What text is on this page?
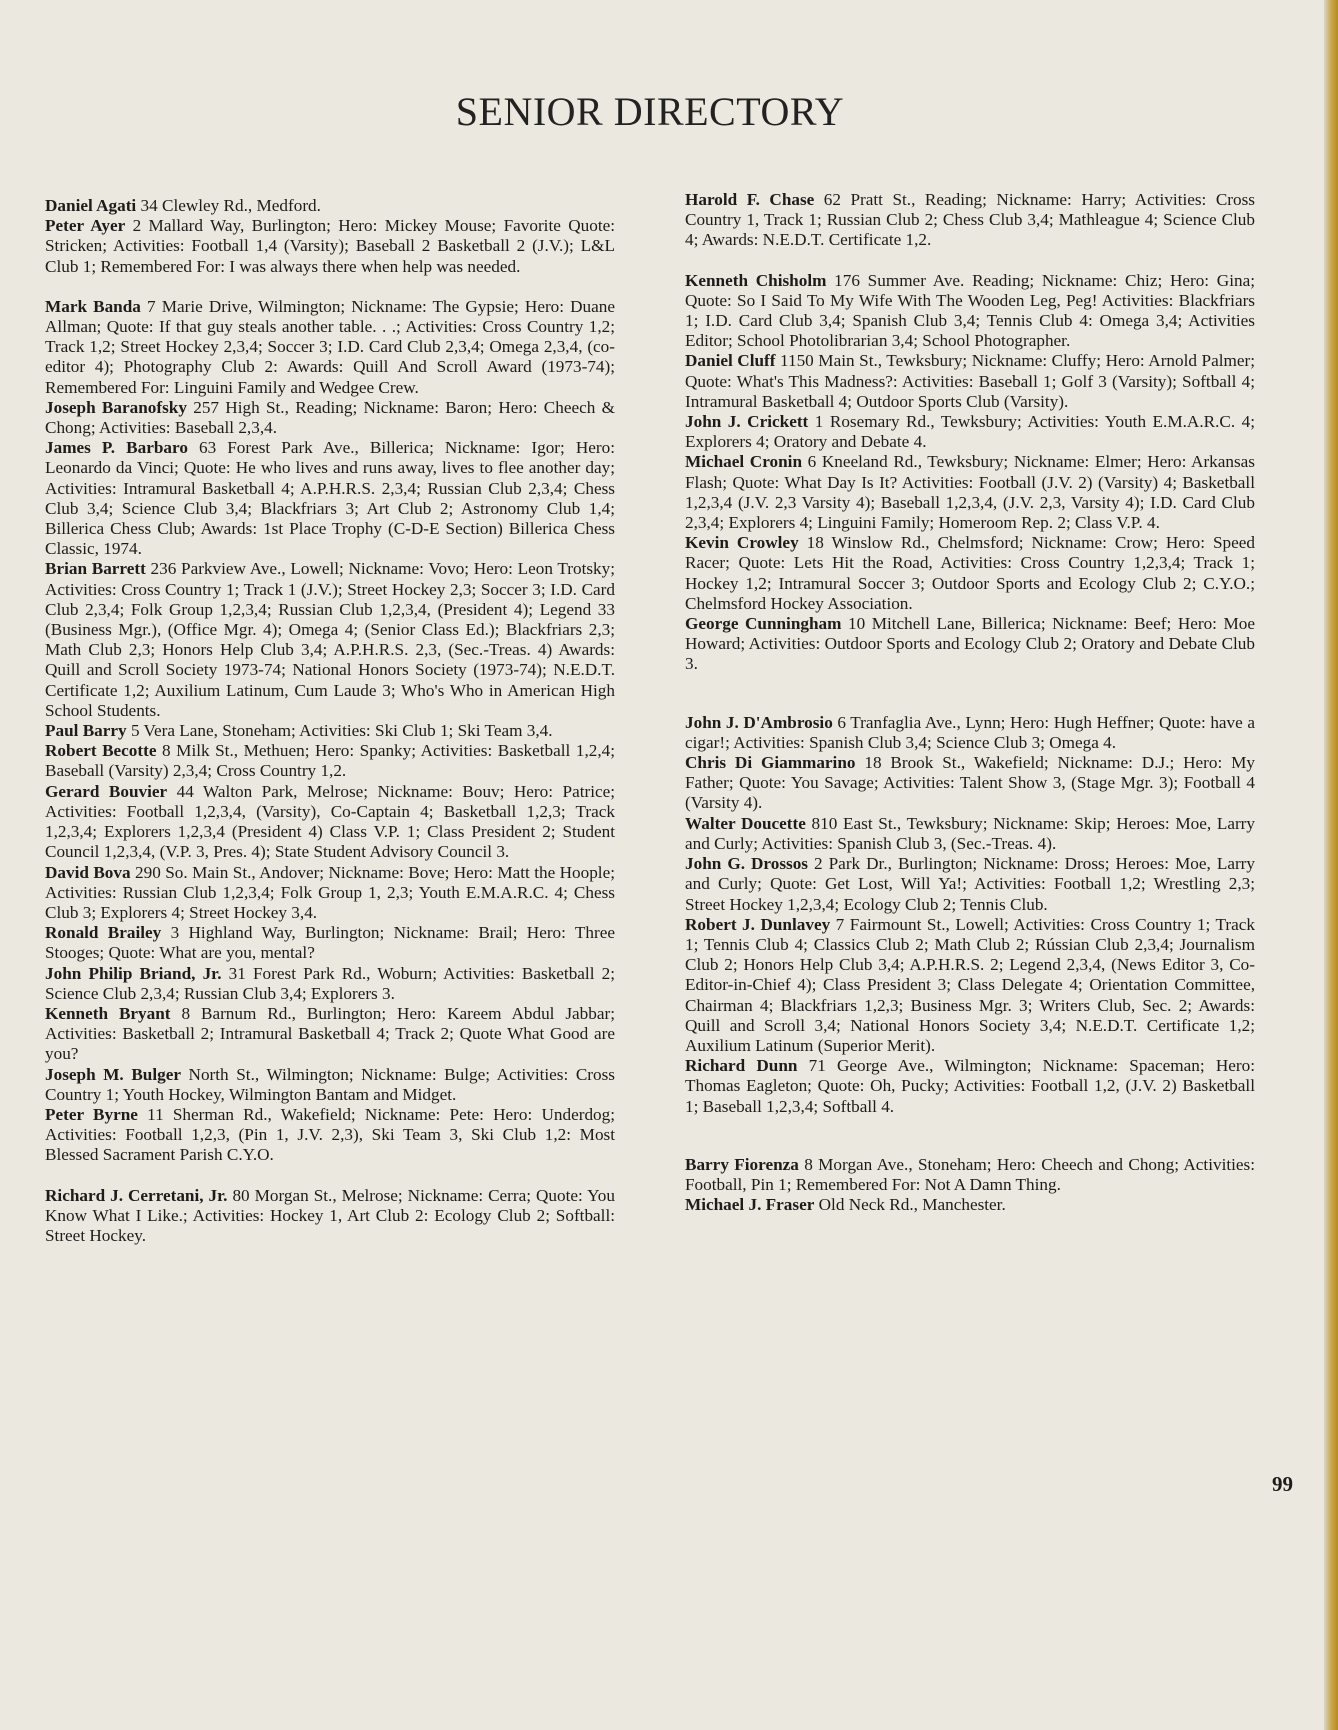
SENIOR DIRECTORY

Daniel Agati 34 Clewley Rd., Medford.

Peter Ayer 2 Mallard Way, Burlington; Hero: Mickey Mouse; Favorite Quote: Stricken; Activities: Football 1,4 (Varsity); Baseball 2 Basketball 2 (J.V.); L&L Club 1; Remembered For: I was always there when help was needed.

Mark Banda 7 Marie Drive, Wilmington; Nickname: The Gypsie; Hero: Duane Allman; Quote: If that guy steals another table. . .; Activities: Cross Country 1,2; Track 1,2; Street Hockey 2,3,4; Soccer 3; I.D. Card Club 2,3,4; Omega 2,3,4, (co-editor 4); Photography Club 2: Awards: Quill And Scroll Award (1973-74); Remembered For: Linguini Family and Wedgee Crew.

Joseph Baranofsky 257 High St., Reading; Nickname: Baron; Hero: Cheech & Chong; Activities: Baseball 2,3,4.

James P. Barbaro 63 Forest Park Ave., Billerica; Nickname: Igor; Hero: Leonardo da Vinci; Quote: He who lives and runs away, lives to flee another day; Activities: Intramural Basketball 4; A.P.H.R.S. 2,3,4; Russian Club 2,3,4; Chess Club 3,4; Science Club 3,4; Blackfriars 3; Art Club 2; Astronomy Club 1,4; Billerica Chess Club; Awards: 1st Place Trophy (C-D-E Section) Billerica Chess Classic, 1974.

Brian Barrett 236 Parkview Ave., Lowell; Nickname: Vovo; Hero: Leon Trotsky; Activities: Cross Country 1; Track 1 (J.V.); Street Hockey 2,3; Soccer 3; I.D. Card Club 2,3,4; Folk Group 1,2,3,4; Russian Club 1,2,3,4, (President 4); Legend 33 (Business Mgr.), (Office Mgr. 4); Omega 4; (Senior Class Ed.); Blackfriars 2,3; Math Club 2,3; Honors Help Club 3,4; A.P.H.R.S. 2,3, (Sec.-Treas. 4) Awards: Quill and Scroll Society 1973-74; National Honors Society (1973-74); N.E.D.T. Certificate 1,2; Auxilium Latinum, Cum Laude 3; Who's Who in American High School Students.

Paul Barry 5 Vera Lane, Stoneham; Activities: Ski Club 1; Ski Team 3,4.

Robert Becotte 8 Milk St., Methuen; Hero: Spanky; Activities: Basketball 1,2,4; Baseball (Varsity) 2,3,4; Cross Country 1,2.

Gerard Bouvier 44 Walton Park, Melrose; Nickname: Bouv; Hero: Patrice; Activities: Football 1,2,3,4, (Varsity), Co-Captain 4; Basketball 1,2,3; Track 1,2,3,4; Explorers 1,2,3,4 (President 4) Class V.P. 1; Class President 2; Student Council 1,2,3,4, (V.P. 3, Pres. 4); State Student Advisory Council 3.

David Bova 290 So. Main St., Andover; Nickname: Bove; Hero: Matt the Hoople; Activities: Russian Club 1,2,3,4; Folk Group 1, 2,3; Youth E.M.A.R.C. 4; Chess Club 3; Explorers 4; Street Hockey 3,4.

Ronald Brailey 3 Highland Way, Burlington; Nickname: Brail; Hero: Three Stooges; Quote: What are you, mental?

John Philip Briand, Jr. 31 Forest Park Rd., Woburn; Activities: Basketball 2; Science Club 2,3,4; Russian Club 3,4; Explorers 3.

Kenneth Bryant 8 Barnum Rd., Burlington; Hero: Kareem Abdul Jabbar; Activities: Basketball 2; Intramural Basketball 4; Track 2; Quote What Good are you?

Joseph M. Bulger North St., Wilmington; Nickname: Bulge; Activities: Cross Country 1; Youth Hockey, Wilmington Bantam and Midget.

Peter Byrne 11 Sherman Rd., Wakefield; Nickname: Pete: Hero: Underdog; Activities: Football 1,2,3, (Pin 1, J.V. 2,3), Ski Team 3, Ski Club 1,2: Most Blessed Sacrament Parish C.Y.O.

Richard J. Cerretani, Jr. 80 Morgan St., Melrose; Nickname: Cerra; Quote: You Know What I Like.; Activities: Hockey 1, Art Club 2: Ecology Club 2; Softball: Street Hockey.

Harold F. Chase 62 Pratt St., Reading; Nickname: Harry; Activities: Cross Country 1, Track 1; Russian Club 2; Chess Club 3,4; Mathleague 4; Science Club 4; Awards: N.E.D.T. Certificate 1,2.

Kenneth Chisholm 176 Summer Ave. Reading; Nickname: Chiz; Hero: Gina; Quote: So I Said To My Wife With The Wooden Leg, Peg! Activities: Blackfriars 1; I.D. Card Club 3,4; Spanish Club 3,4; Tennis Club 4: Omega 3,4; Activities Editor; School Photolibrarian 3,4; School Photographer.

Daniel Cluff 1150 Main St., Tewksbury; Nickname: Cluffy; Hero: Arnold Palmer; Quote: What's This Madness?: Activities: Baseball 1; Golf 3 (Varsity); Softball 4; Intramural Basketball 4; Outdoor Sports Club (Varsity).

John J. Crickett 1 Rosemary Rd., Tewksbury; Activities: Youth E.M.A.R.C. 4; Explorers 4; Oratory and Debate 4.

Michael Cronin 6 Kneeland Rd., Tewksbury; Nickname: Elmer; Hero: Arkansas Flash; Quote: What Day Is It? Activities: Football (J.V. 2) (Varsity) 4; Basketball 1,2,3,4 (J.V. 2,3 Varsity 4); Baseball 1,2,3,4, (J.V. 2,3, Varsity 4); I.D. Card Club 2,3,4; Explorers 4; Linguini Family; Homeroom Rep. 2; Class V.P. 4.

Kevin Crowley 18 Winslow Rd., Chelmsford; Nickname: Crow; Hero: Speed Racer; Quote: Lets Hit the Road, Activities: Cross Country 1,2,3,4; Track 1; Hockey 1,2; Intramural Soccer 3; Outdoor Sports and Ecology Club 2; C.Y.O.; Chelmsford Hockey Association.

George Cunningham 10 Mitchell Lane, Billerica; Nickname: Beef; Hero: Moe Howard; Activities: Outdoor Sports and Ecology Club 2; Oratory and Debate Club 3.

John J. D'Ambrosio 6 Tranfaglia Ave., Lynn; Hero: Hugh Heffner; Quote: have a cigar!; Activities: Spanish Club 3,4; Science Club 3; Omega 4.

Chris Di Giammarino 18 Brook St., Wakefield; Nickname: D.J.; Hero: My Father; Quote: You Savage; Activities: Talent Show 3, (Stage Mgr. 3); Football 4 (Varsity 4).

Walter Doucette 810 East St., Tewksbury; Nickname: Skip; Heroes: Moe, Larry and Curly; Activities: Spanish Club 3, (Sec.-Treas. 4).

John G. Drossos 2 Park Dr., Burlington; Nickname: Dross; Heroes: Moe, Larry and Curly; Quote: Get Lost, Will Ya!; Activities: Football 1,2; Wrestling 2,3; Street Hockey 1,2,3,4; Ecology Club 2; Tennis Club.

Robert J. Dunlavey 7 Fairmount St., Lowell; Activities: Cross Country 1; Track 1; Tennis Club 4; Classics Club 2; Math Club 2; Rússian Club 2,3,4; Journalism Club 2; Honors Help Club 3,4; A.P.H.R.S. 2; Legend 2,3,4, (News Editor 3, Co-Editor-in-Chief 4); Class President 3; Class Delegate 4; Orientation Committee, Chairman 4; Blackfriars 1,2,3; Business Mgr. 3; Writers Club, Sec. 2; Awards: Quill and Scroll 3,4; National Honors Society 3,4; N.E.D.T. Certificate 1,2; Auxilium Latinum (Superior Merit).

Richard Dunn 71 George Ave., Wilmington; Nickname: Spaceman; Hero: Thomas Eagleton; Quote: Oh, Pucky; Activities: Football 1,2, (J.V. 2) Basketball 1; Baseball 1,2,3,4; Softball 4.

Barry Fiorenza 8 Morgan Ave., Stoneham; Hero: Cheech and Chong; Activities: Football, Pin 1; Remembered For: Not A Damn Thing.

Michael J. Fraser Old Neck Rd., Manchester.

99
